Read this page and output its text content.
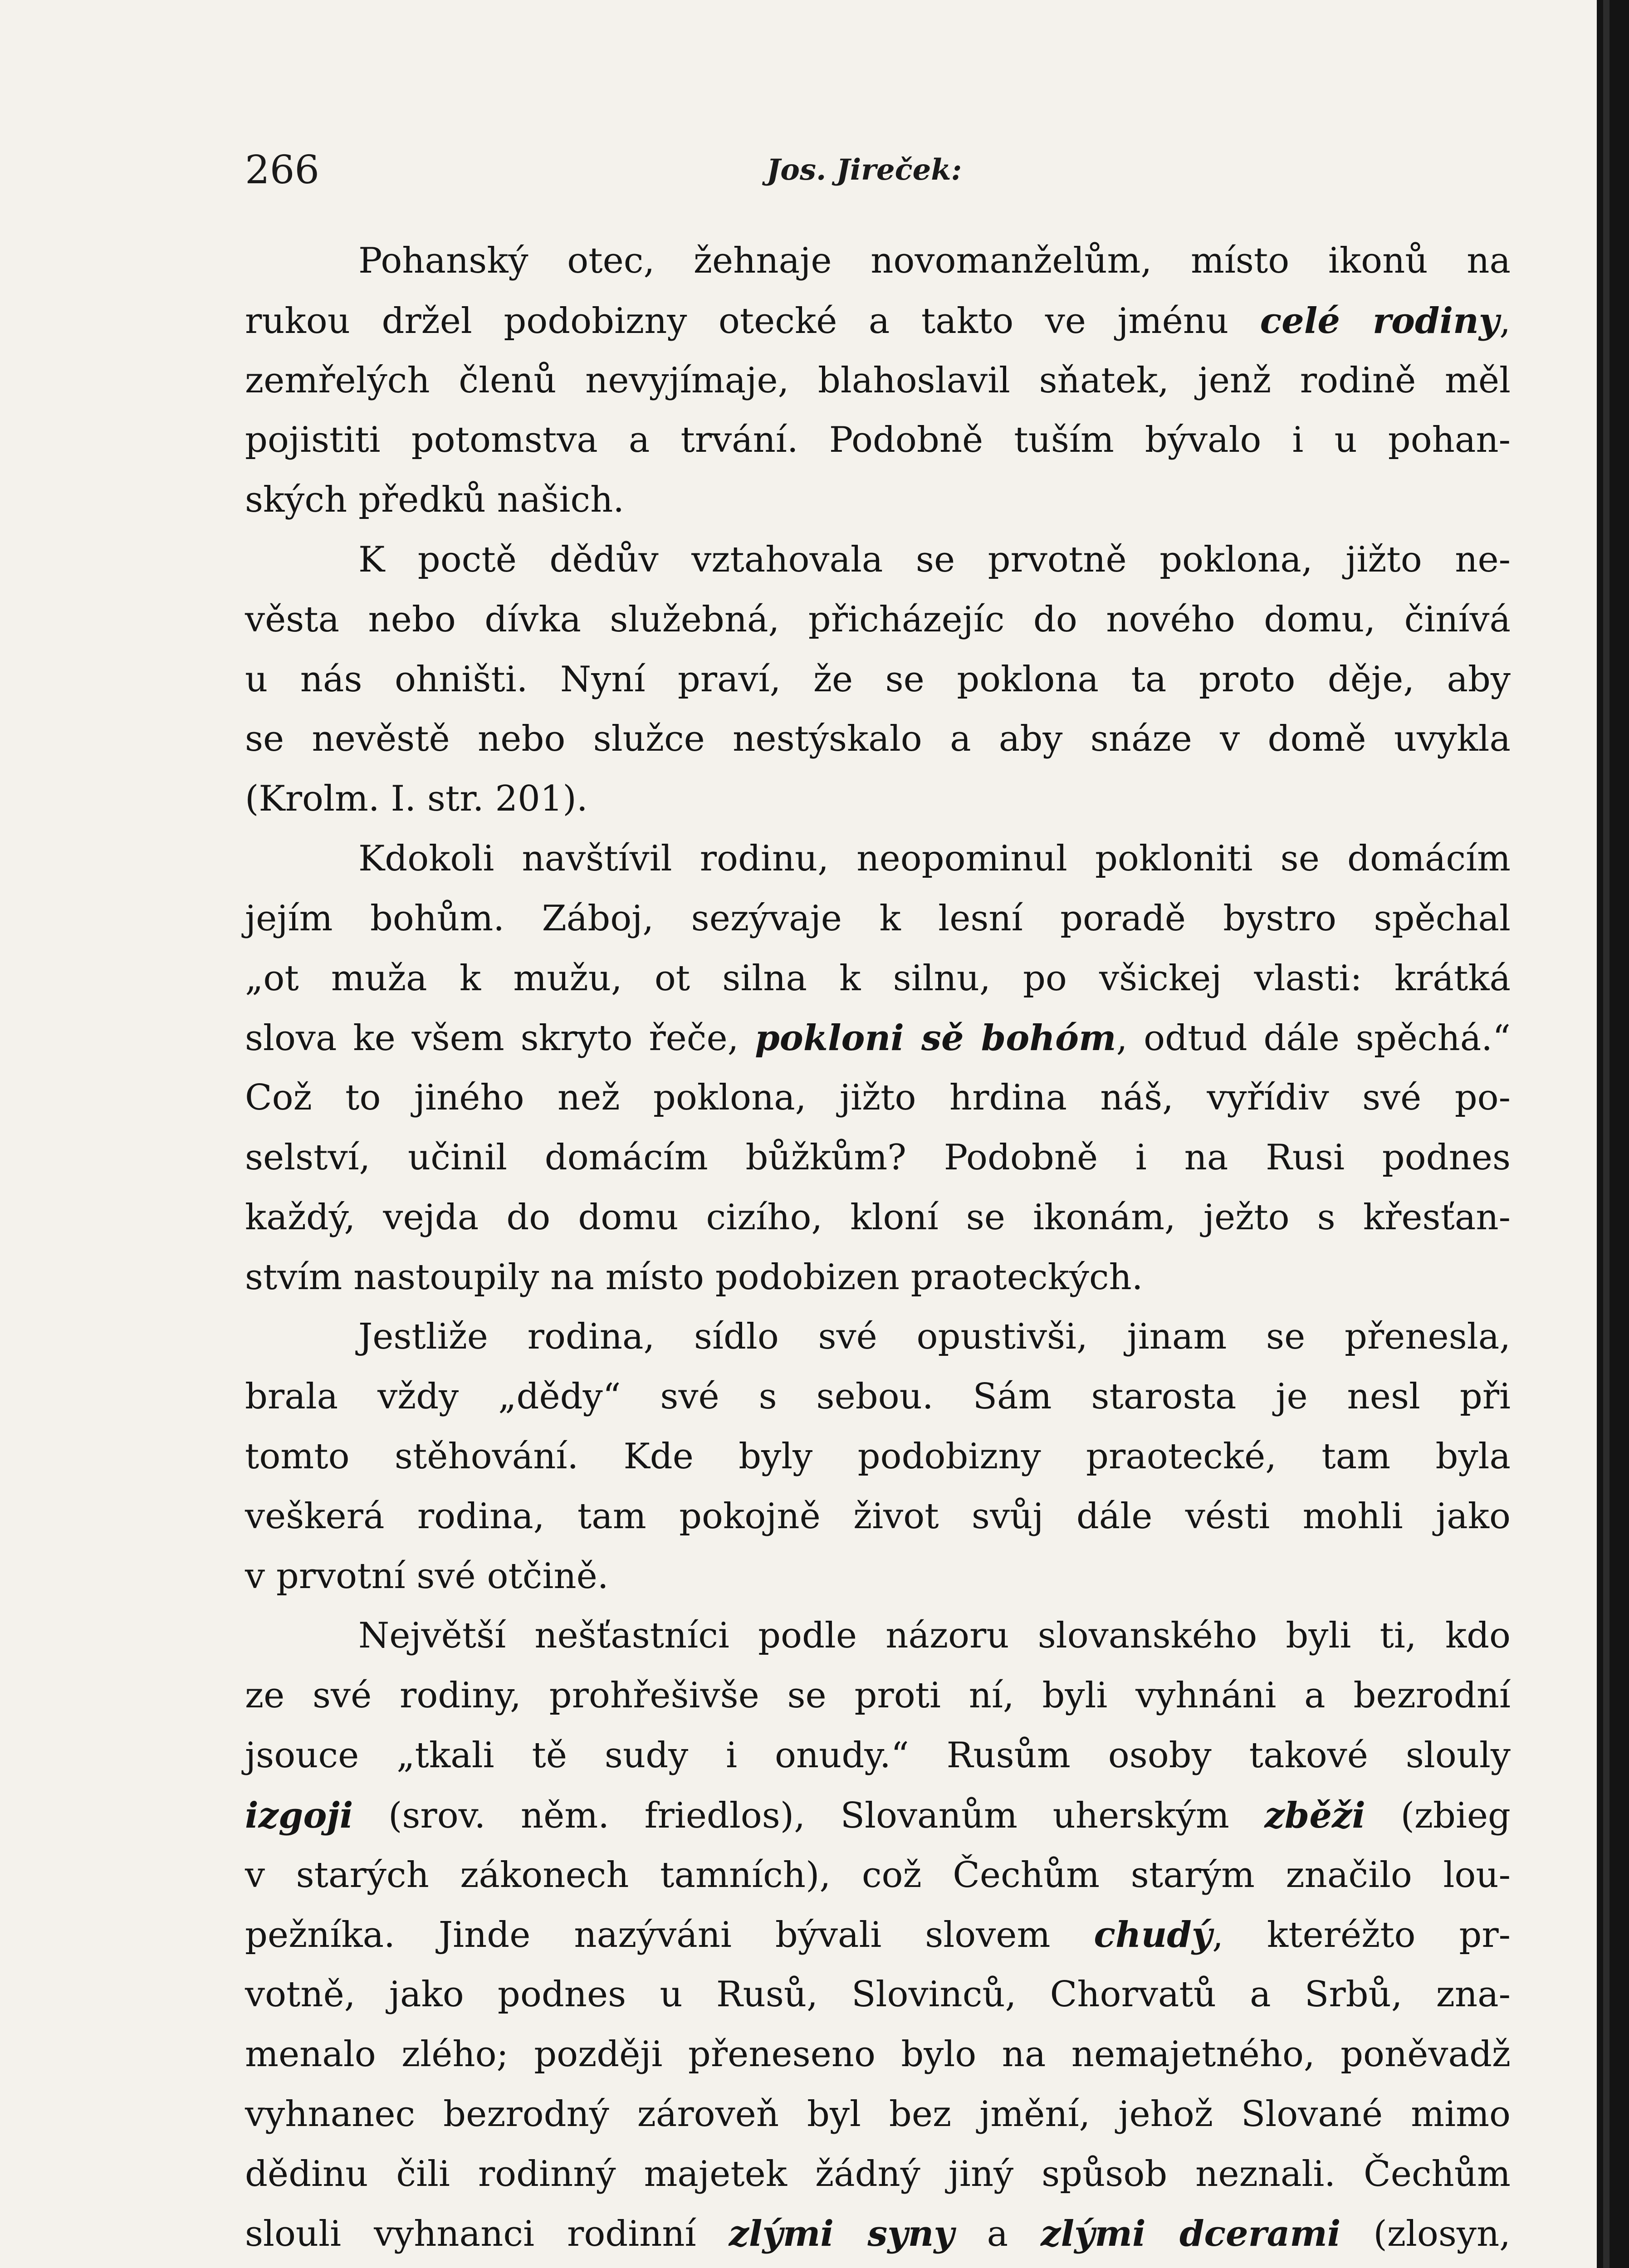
266	Jos. Jireček:
Pohanský otec, žehnaje novomanželům, místo ikonů na
rukou držel podobizny otecké a takto ve jménu celé rodiny,
zemřelých členů nevyjímaje, blahoslavil sňatek, jenž rodině měl
pojistiti potomstva a trvání. Podobně tuším bývalo i u pohan-
ských předků našich.
K poctě dědův vztahovala se prvotně poklona, jižto ne-
věsta nebo dívka služebná, přicházejíc do nového domu, činívá
u nás ohništi. Nyní praví, že se poklona ta proto děje, aby
se nevěstě nebo služce nestýskalo a aby snáze v domě uvykla
(Krolm. I. str. 201).
Kdokoli navštívil rodinu, neopominul pokloniti se domácím
jejím bohům. Záboj, sezývaje k lesní poradě bystro spěchal
„ot muža k mužu, ot silna k silnu, po všickej vlasti: krátká
slova ke všem skryto řeče, pokloni sě bohóm, odtud dále spěchá.“
Což to jiného než poklona, jižto hrdina náš, vyřídiv své po-
selství, učinil domácím bůžkům? Podobně i na Rusi podnes
každý, vejda do domu cizího, kloní se ikonám, ježto s křesťan-
stvím nastoupily na místo podobizen praoteckých.
Jestliže rodina, sídlo své opustivši, jinam se přenesla,
brala vždy „dědy“ své s sebou. Sám starosta je nesl při
tomto stěhování. Kde byly podobizny praotecké, tam byla
veškerá rodina, tam pokojně život svůj dále vésti mohli jako
v prvotní své otčině.
Největší nešťastníci podle názoru slovanského byli ti, kdo
ze své rodiny, prohřešivše se proti ní, byli vyhnáni a bezrodní
jsouce „tkali tě sudy i onudy.“ Rusům osoby takové slouly
izgoji (srov. něm. friedlos), Slovanům uherským zběži (zbieg
v starých zákonech tamních), což Čechům starým značilo lou-
pežníka. Jinde nazýváni bývali slovem chudý, kteréžto pr-
votně, jako podnes u Rusů, Slovinců, Chorvatů a Srbů, zna-
menalo zlého; později přeneseno bylo na nemajetného, poněvadž
vyhnanec bezrodný zároveň byl bez jmění, jehož Slované mimo
dědinu čili rodinný majetek žádný jiný spůsob neznali. Čechům
slouli vyhnanci rodinní zlými syny a zlými dcerami (zlosyn,
